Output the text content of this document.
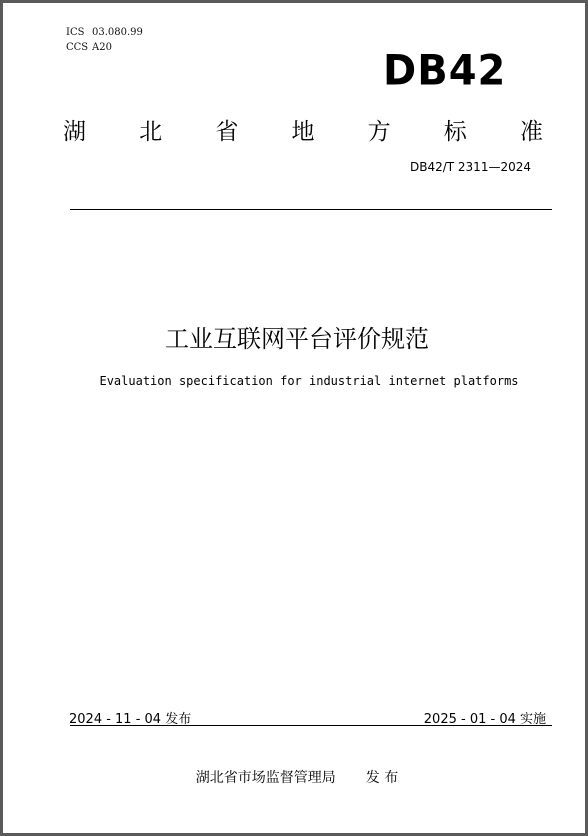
ICS 03.080.99
CCS A20	DB42
湖 北 省 地 方 标 准
DB42/T 2311—2024
工业互联网平台评价规范
Evaluation specification for industrial internet platforms
2024 - 11 - 04 发布	2025 - 01 - 04 实施
湖北省市场监督管理局 发 布
